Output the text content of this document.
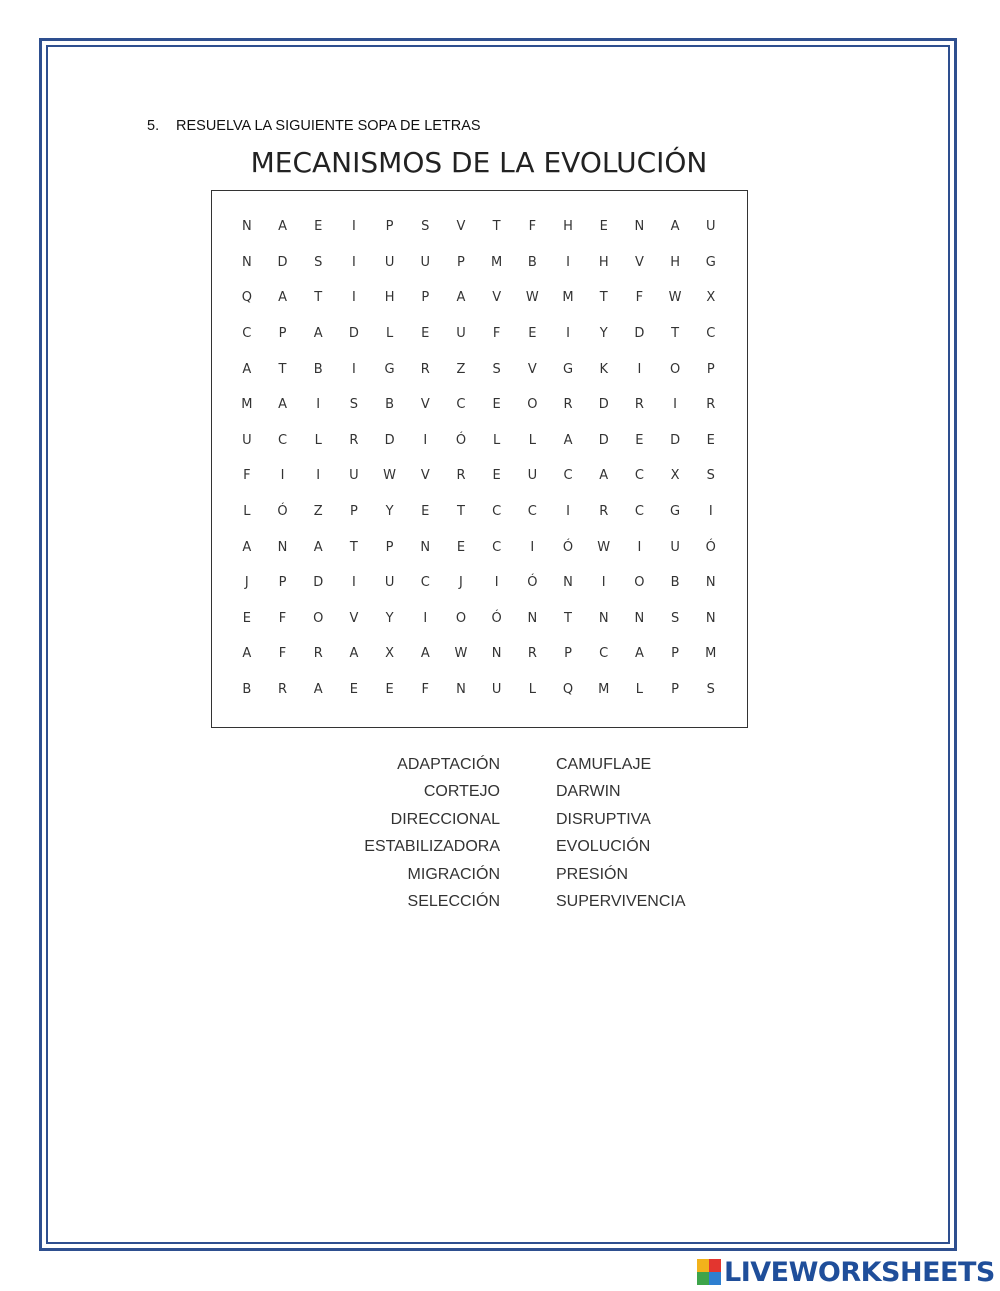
5. RESUELVA LA SIGUIENTE SOPA DE LETRAS
MECANISMOS DE LA EVOLUCIÓN
N	A	E	I	P	S	V	T	F	H	E	N	A	U
N	D	S	I	U	U	P	M	B	I	H	V	H	G
Q	A	T	I	H	P	A	V	W	M	T	F	W	X
C	P	A	D	L	E	U	F	E	I	Y	D	T	C
A	T	B	I	G	R	Z	S	V	G	K	I	O	P
M	A	I	S	B	V	C	E	O	R	D	R	I	R
U	C	L	R	D	I	Ó	L	L	A	D	E	D	E
F	I	I	U	W	V	R	E	U	C	A	C	X	S
L	Ó	Z	P	Y	E	T	C	C	I	R	C	G	I
A	N	A	T	P	N	E	C	I	Ó	W	I	U	Ó
J	P	D	I	U	C	J	I	Ó	N	I	O	B	N
E	F	O	V	Y	I	O	Ó	N	T	N	N	S	N
A	F	R	A	X	A	W	N	R	P	C	A	P	M
B	R	A	E	E	F	N	U	L	Q	M	L	P	S
ADAPTACIÓN
CORTEJO
DIRECCIONAL
ESTABILIZADORA
MIGRACIÓN
SELECCIÓN
CAMUFLAJE
DARWIN
DISRUPTIVA
EVOLUCIÓN
PRESIÓN
SUPERVIVENCIA
LIVEWORKSHEETS
